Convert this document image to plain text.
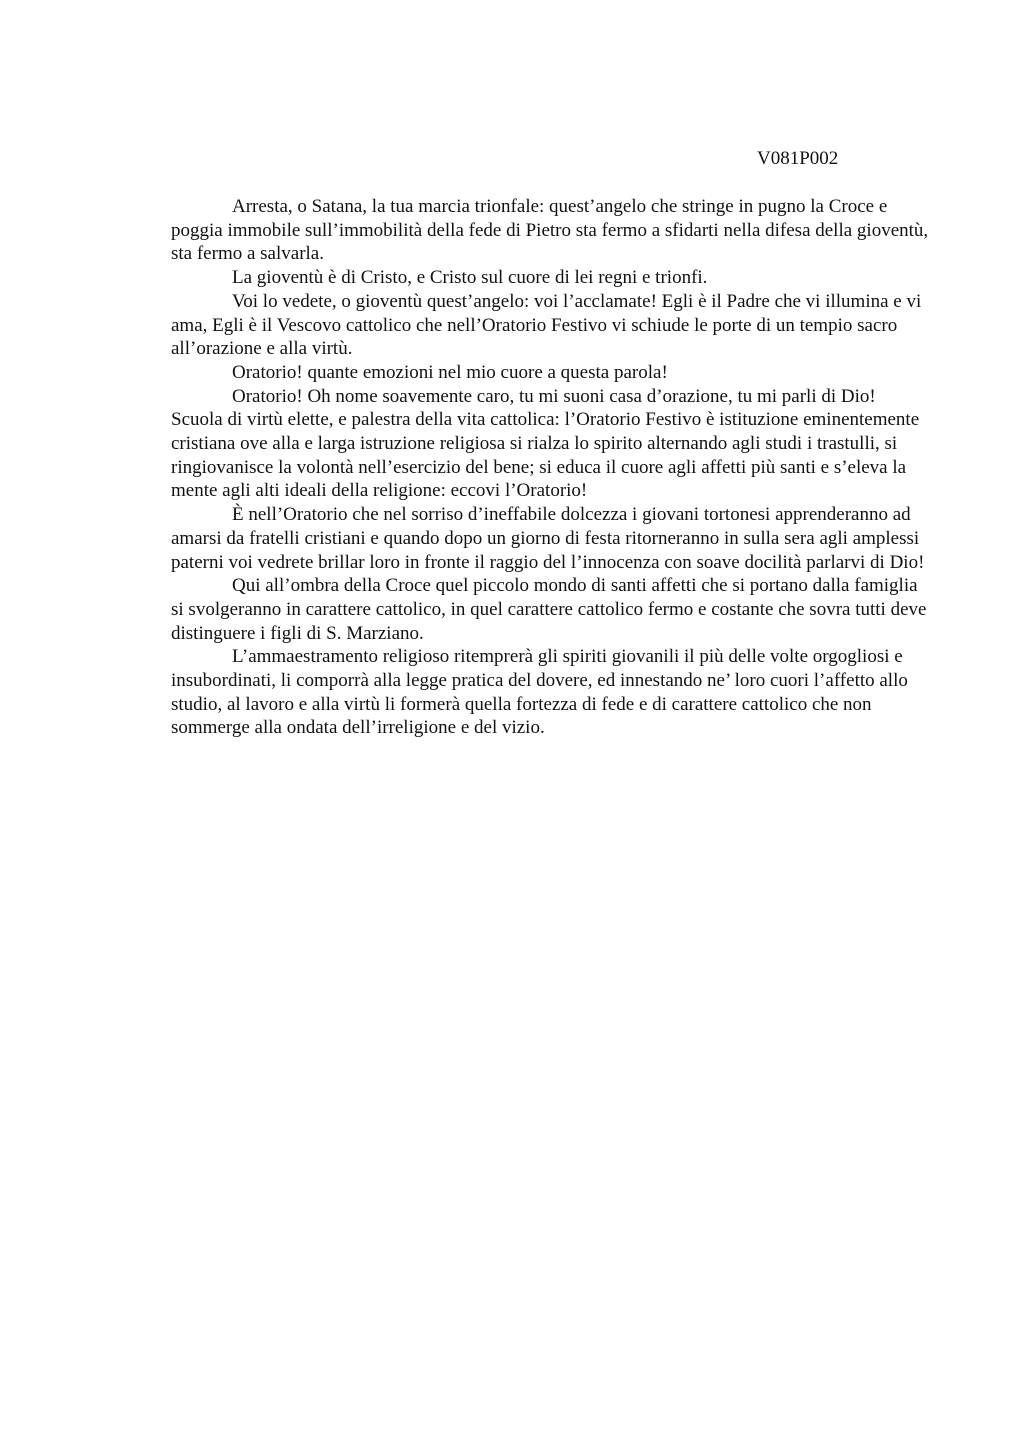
V081P002

Arresta, o Satana, la tua marcia trionfale: quest’angelo che stringe in pugno la Croce e poggia immobile sull’immobilità della fede di Pietro sta fermo a sfidarti nella difesa della gioventù, sta fermo a salvarla.

La gioventù è di Cristo, e Cristo sul cuore di lei regni e trionfi.

Voi lo vedete, o gioventù quest’angelo: voi l’acclamate! Egli è il Padre che vi illumina e vi ama, Egli è il Vescovo cattolico che nell’Oratorio Festivo vi schiude le porte di un tempio sacro all’orazione e alla virtù.

Oratorio! quante emozioni nel mio cuore a questa parola!

Oratorio! Oh nome soavemente caro, tu mi suoni casa d’orazione, tu mi parli di Dio! Scuola di virtù elette, e palestra della vita cattolica: l’Oratorio Festivo è istituzione eminentemente cristiana ove alla e larga istruzione religiosa si rialza lo spirito alternando agli studi i trastulli, si ringiovanisce la volontà nell’esercizio del bene; si educa il cuore agli affetti più santi e s’eleva la mente agli alti ideali della religione: eccovi l’Oratorio!

È nell’Oratorio che nel sorriso d’ineffabile dolcezza i giovani tortonesi apprenderanno ad amarsi da fratelli cristiani e quando dopo un giorno di festa ritorneranno in sulla sera agli amplessi paterni voi vedrete brillar loro in fronte il raggio del l’innocenza con soave docilità parlarvi di Dio!

Qui all’ombra della Croce quel piccolo mondo di santi affetti che si portano dalla famiglia si svolgeranno in carattere cattolico, in quel carattere cattolico fermo e costante che sovra tutti deve distinguere i figli di S. Marziano.

L’ammaestramento religioso ritemprerà gli spiriti giovanili il più delle volte orgogliosi e insubordinati, li comporrà alla legge pratica del dovere, ed innestando ne’ loro cuori l’affetto allo studio, al lavoro e alla virtù li formerà quella fortezza di fede e di carattere cattolico che non sommerge alla ondata dell’irreligione e del vizio.
